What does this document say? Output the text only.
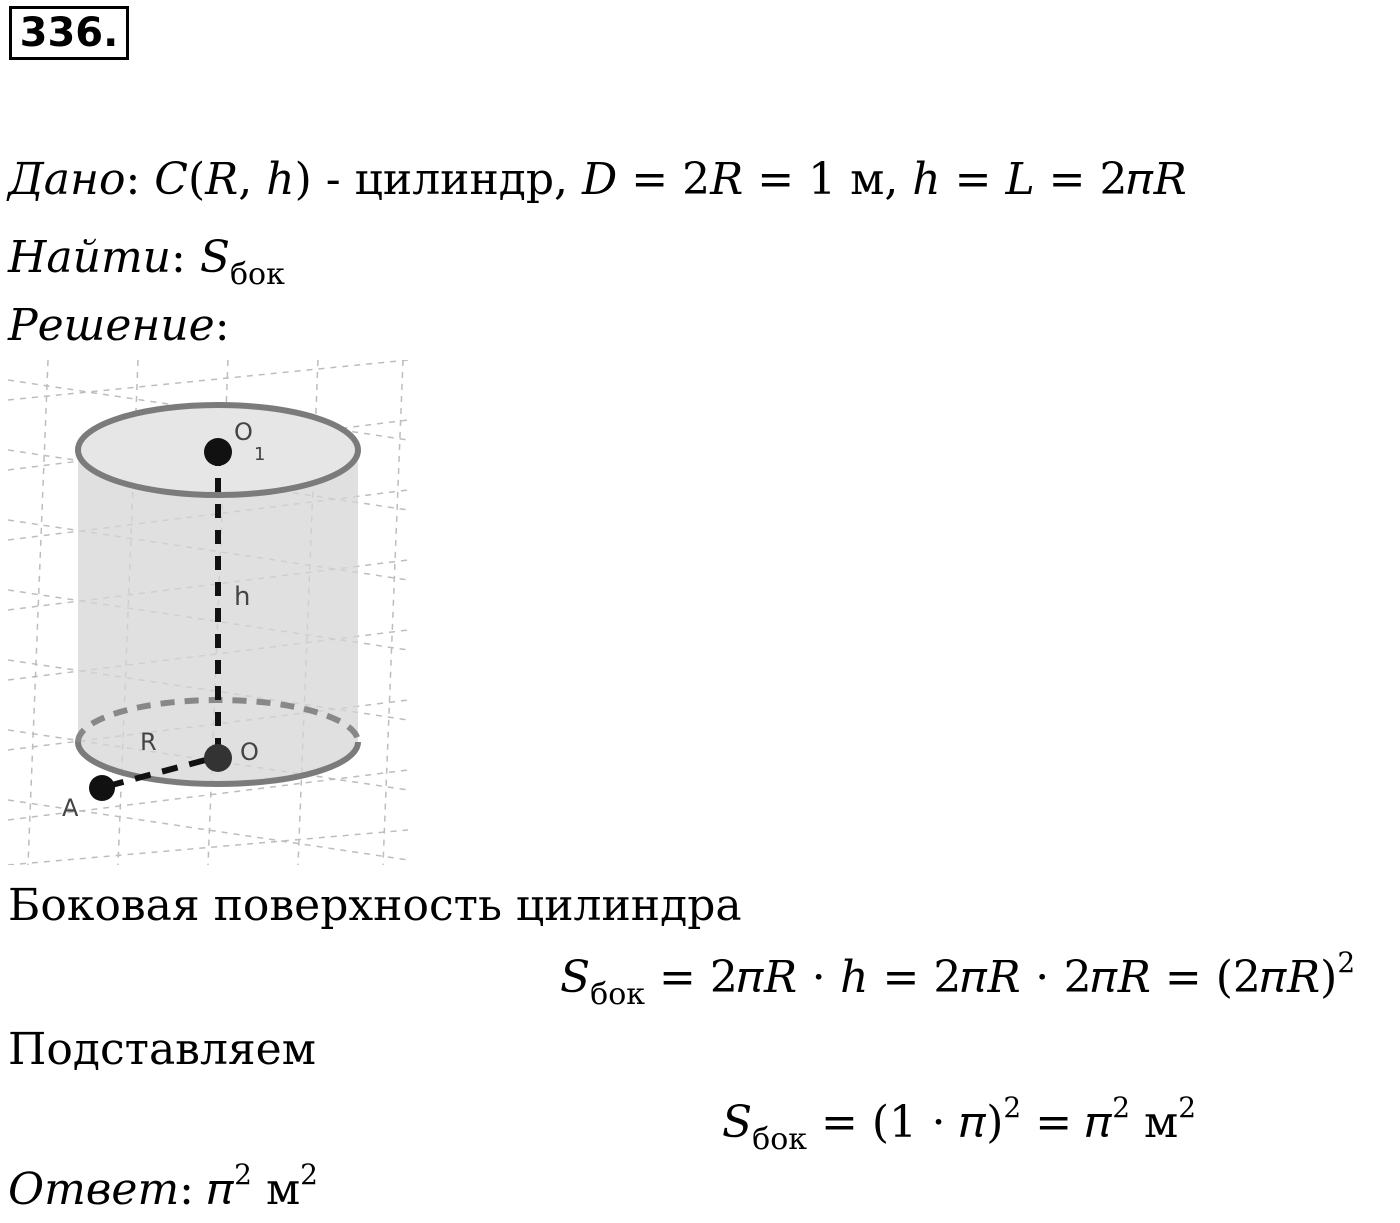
336.
Дано: 𝐶(𝑅, ℎ) - цилиндр, 𝐷 = 2𝑅 = 1 м, ℎ = 𝐿 = 2𝜋𝑅
Найти: 𝑆$_{бок}$
Решение:
O
1
h
R	O
A
Боковая поверхность цилиндра
𝑆$_{бок}$ = 2𝜋𝑅 ⋅ ℎ = 2𝜋𝑅 ⋅ 2𝜋𝑅 = (2𝜋𝑅)$^2$
Подставляем
𝑆$_{бок}$ = (1 ⋅ 𝜋)$^2$ = 𝜋$^2$ $м^2$
Ответ: 𝜋$^2$ $м^2$
